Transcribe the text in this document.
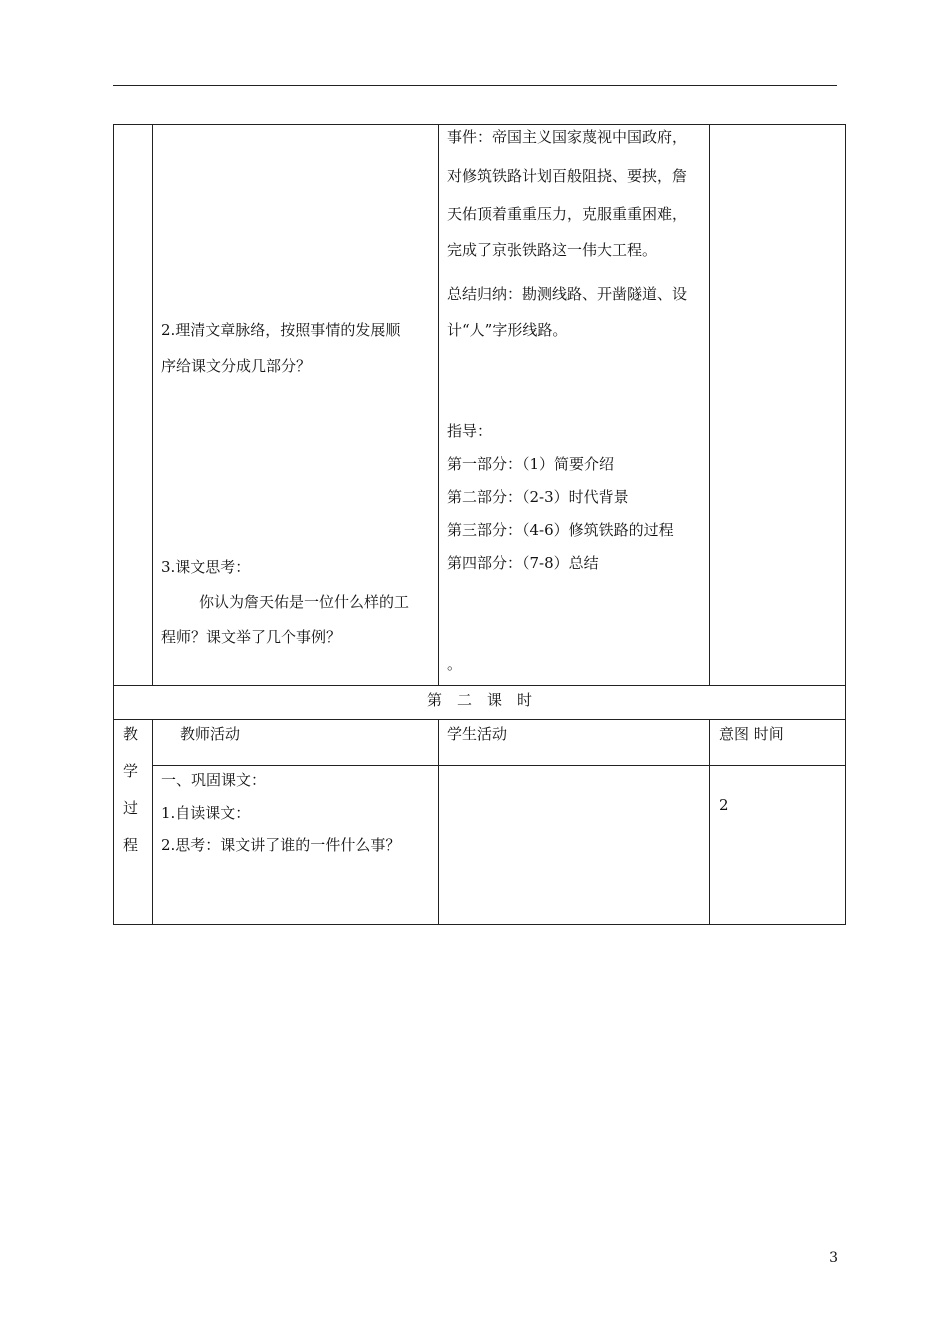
2.理清文章脉络，按照事情的发展顺
序给课文分成几部分？
3.课文思考：
你认为詹天佑是一位什么样的工
程师？课文举了几个事例？
事件：帝国主义国家蔑视中国政府，
对修筑铁路计划百般阻挠、要挟，詹
天佑顶着重重压力，克服重重困难，
完成了京张铁路这一伟大工程。
总结归纳：勘测线路、开凿隧道、设
计“人”字形线路。
指导：
第一部分：（1）简要介绍
第二部分：（2-3）时代背景
第三部分：（4-6）修筑铁路的过程
第四部分：（7-8）总结
。
第　二　课　时
教
学
过
程
教师活动	学生活动	意图 时间
一、巩固课文：
1.自读课文：
2.思考：课文讲了谁的一件什么事？
2
3
